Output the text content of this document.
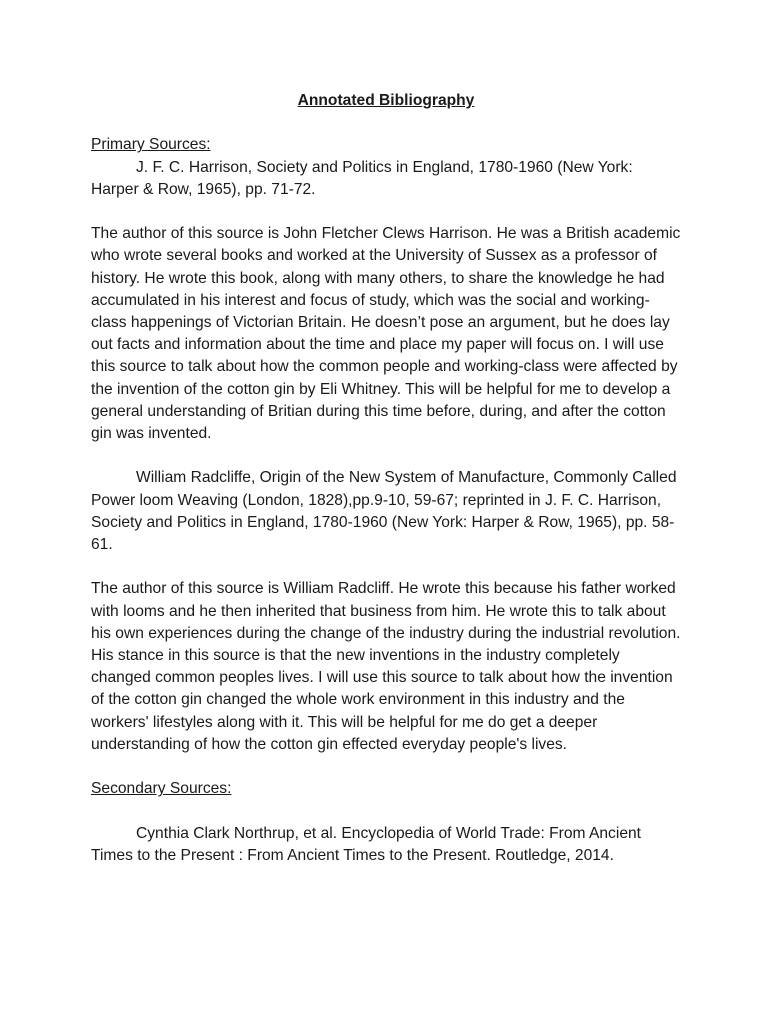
Annotated Bibliography

Primary Sources:

J. F. C. Harrison, Society and Politics in England, 1780-1960 (New York: Harper & Row, 1965), pp. 71-72.

The author of this source is John Fletcher Clews Harrison. He was a British academic who wrote several books and worked at the University of Sussex as a professor of history. He wrote this book, along with many others, to share the knowledge he had accumulated in his interest and focus of study, which was the social and working-class happenings of Victorian Britain. He doesn’t pose an argument, but he does lay out facts and information about the time and place my paper will focus on. I will use this source to talk about how the common people and working-class were affected by the invention of the cotton gin by Eli Whitney. This will be helpful for me to develop a general understanding of Britian during this time before, during, and after the cotton gin was invented.

William Radcliffe, Origin of the New System of Manufacture, Commonly Called Power loom Weaving (London, 1828),pp.9-10, 59-67; reprinted in J. F. C. Harrison, Society and Politics in England, 1780-1960 (New York: Harper & Row, 1965), pp. 58-61.

The author of this source is William Radcliff. He wrote this because his father worked with looms and he then inherited that business from him. He wrote this to talk about his own experiences during the change of the industry during the industrial revolution. His stance in this source is that the new inventions in the industry completely changed common peoples lives. I will use this source to talk about how the invention of the cotton gin changed the whole work environment in this industry and the workers' lifestyles along with it. This will be helpful for me do get a deeper understanding of how the cotton gin effected everyday people's lives.

Secondary Sources:

Cynthia Clark Northrup, et al. Encyclopedia of World Trade: From Ancient Times to the Present : From Ancient Times to the Present. Routledge, 2014.
